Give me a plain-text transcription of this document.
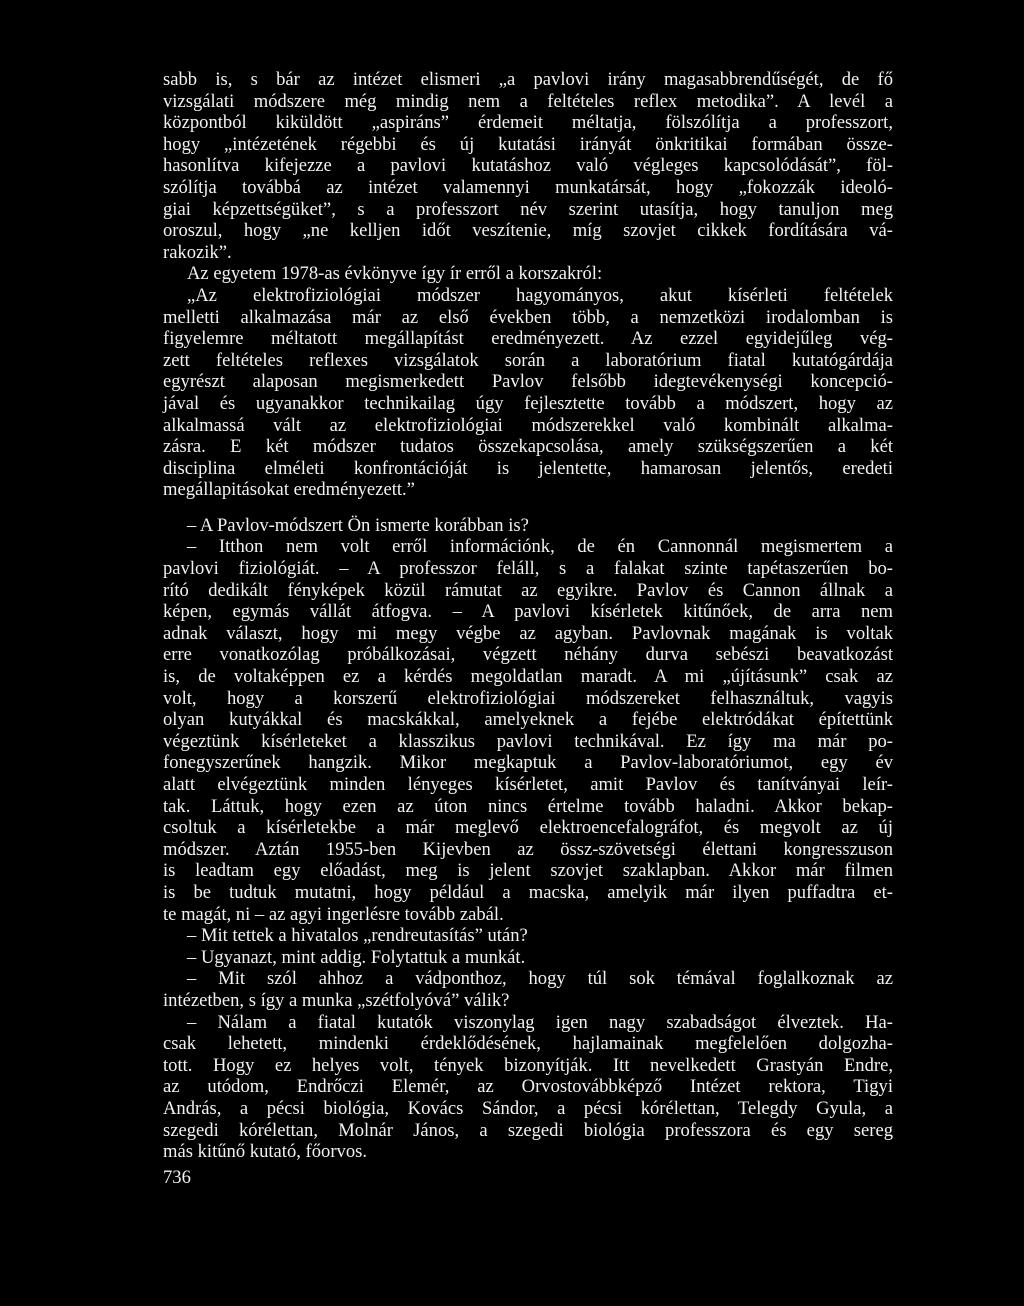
sabb is, s bár az intézet elismeri „a pavlovi irány magasabbrendűségét, de fő
vizsgálati módszere még mindig nem a feltételes reflex metodika”. A levél a
központból kiküldött „aspiráns” érdemeit méltatja, fölszólítja a professzort,
hogy „intézetének régebbi és új kutatási irányát önkritikai formában össze-
hasonlítva kifejezze a pavlovi kutatáshoz való végleges kapcsolódását”, föl-
szólítja továbbá az intézet valamennyi munkatársát, hogy „fokozzák ideoló-
giai képzettségüket”, s a professzort név szerint utasítja, hogy tanuljon meg
oroszul, hogy „ne kelljen időt veszítenie, míg szovjet cikkek fordítására vá-
rakozik”.
Az egyetem 1978-as évkönyve így ír erről a korszakról:
„Az elektrofiziológiai módszer hagyományos, akut kísérleti feltételek
melletti alkalmazása már az első években több, a nemzetközi irodalomban is
figyelemre méltatott megállapítást eredményezett. Az ezzel egyidejűleg vég-
zett feltételes reflexes vizsgálatok során a laboratórium fiatal kutatógárdája
egyrészt alaposan megismerkedett Pavlov felsőbb idegtevékenységi koncepció-
jával és ugyanakkor technikailag úgy fejlesztette tovább a módszert, hogy az
alkalmassá vált az elektrofiziológiai módszerekkel való kombinált alkalma-
zásra. E két módszer tudatos összekapcsolása, amely szükségszerűen a két
disciplina elméleti konfrontációját is jelentette, hamarosan jelentős, eredeti
megállapitásokat eredményezett.”
– A Pavlov-módszert Ön ismerte korábban is?
– Itthon nem volt erről információnk, de én Cannonnál megismertem a
pavlovi fiziológiát. – A professzor feláll, s a falakat szinte tapétaszerűen bo-
rító dedikált fényképek közül rámutat az egyikre. Pavlov és Cannon állnak a
képen, egymás vállát átfogva. – A pavlovi kísérletek kitűnőek, de arra nem
adnak választ, hogy mi megy végbe az agyban. Pavlovnak magának is voltak
erre vonatkozólag próbálkozásai, végzett néhány durva sebészi beavatkozást
is, de voltaképpen ez a kérdés megoldatlan maradt. A mi „újításunk” csak az
volt, hogy a korszerű elektrofiziológiai módszereket felhasználtuk, vagyis
olyan kutyákkal és macskákkal, amelyeknek a fejébe elektródákat építettünk
végeztünk kísérleteket a klasszikus pavlovi technikával. Ez így ma már po-
fonegyszerűnek hangzik. Mikor megkaptuk a Pavlov-laboratóriumot, egy év
alatt elvégeztünk minden lényeges kísérletet, amit Pavlov és tanítványai leír-
tak. Láttuk, hogy ezen az úton nincs értelme tovább haladni. Akkor bekap-
csoltuk a kísérletekbe a már meglevő elektroencefalográfot, és megvolt az új
módszer. Aztán 1955-ben Kijevben az össz-szövetségi élettani kongresszuson
is leadtam egy előadást, meg is jelent szovjet szaklapban. Akkor már filmen
is be tudtuk mutatni, hogy például a macska, amelyik már ilyen puffadtra et-
te magát, ni – az agyi ingerlésre tovább zabál.
– Mit tettek a hivatalos „rendreutasítás” után?
– Ugyanazt, mint addig. Folytattuk a munkát.
– Mit szól ahhoz a vádponthoz, hogy túl sok témával foglalkoznak az
intézetben, s így a munka „szétfolyóvá” válik?
– Nálam a fiatal kutatók viszonylag igen nagy szabadságot élveztek. Ha-
csak lehetett, mindenki érdeklődésének, hajlamainak megfelelően dolgozha-
tott. Hogy ez helyes volt, tények bizonyítják. Itt nevelkedett Grastyán Endre,
az utódom, Endrőczi Elemér, az Orvostovábbképző Intézet rektora, Tigyi
András, a pécsi biológia, Kovács Sándor, a pécsi kórélettan, Telegdy Gyula, a
szegedi kórélettan, Molnár János, a szegedi biológia professzora és egy sereg
más kitűnő kutató, főorvos.
736
